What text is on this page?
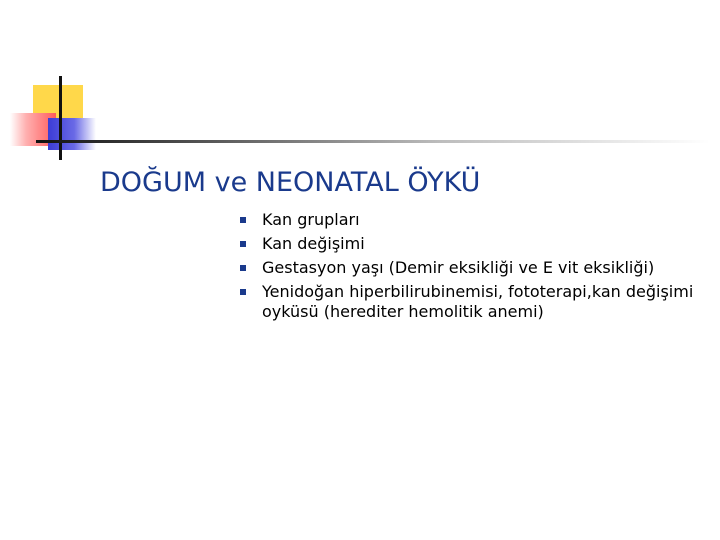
DOĞUM ve NEONATAL ÖYKÜ
Kan grupları
Kan değişimi
Gestasyon yaşı (Demir eksikliği ve E vit eksikliği)
Yenidoğan hiperbilirubinemisi, fototerapi,kan değişimi oyküsü (herediter hemolitik anemi)
